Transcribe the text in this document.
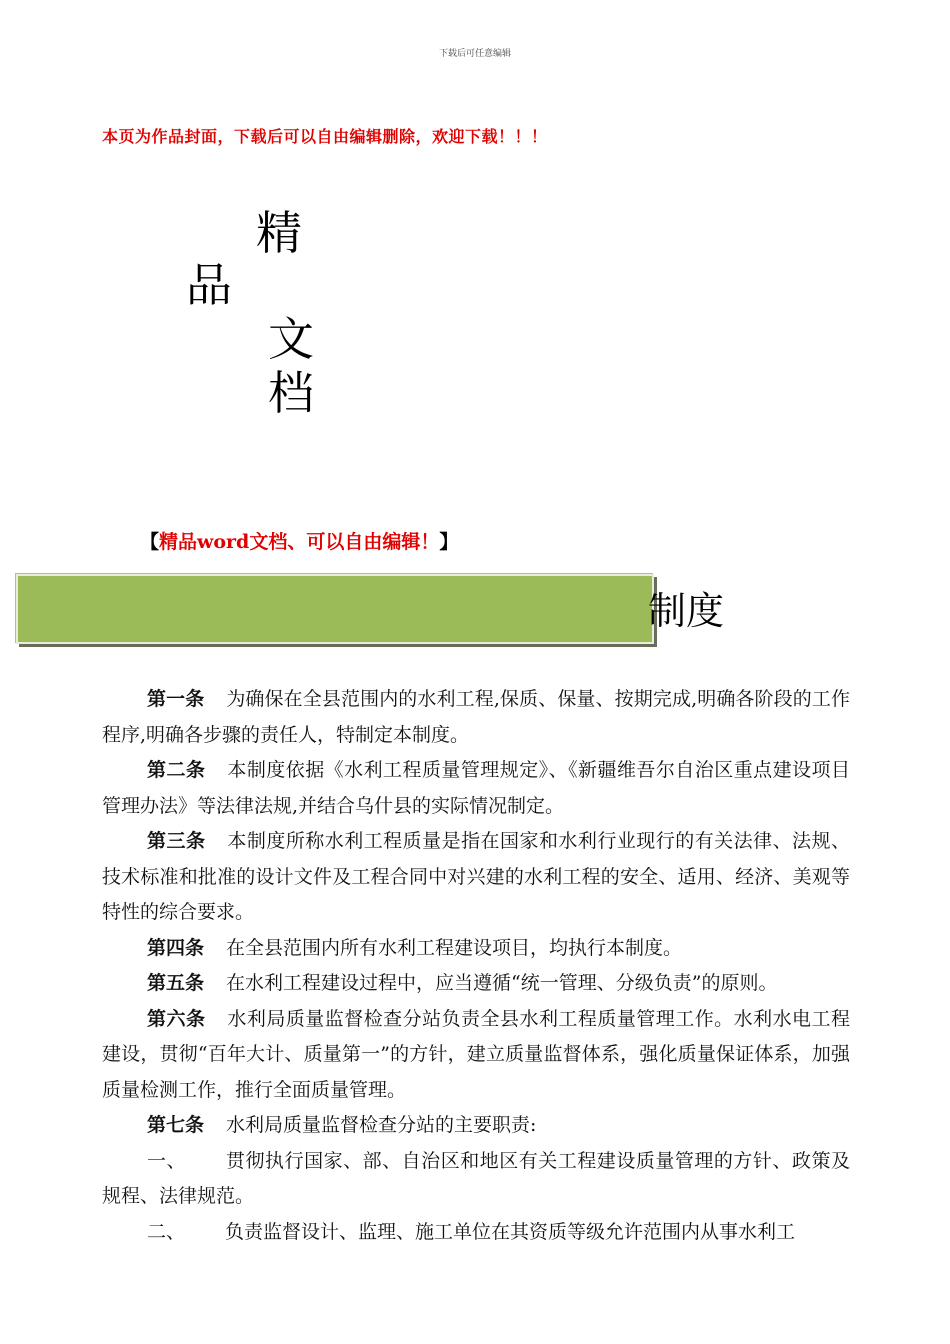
下载后可任意编辑
本页为作品封面，下载后可以自由编辑删除，欢迎下载！！！
精
品
文
档
【精品word文档、可以自由编辑！】
制度

第一条 为确保在全县范围内的水利工程,保质、保量、按期完成,明确各阶段的工作程序,明确各步骤的责任人，特制定本制度。

第二条 本制度依据《水利工程质量管理规定》、《新疆维吾尔自治区重点建设项目管理办法》等法律法规,并结合乌什县的实际情况制定。

第三条 本制度所称水利工程质量是指在国家和水利行业现行的有关法律、法规、技术标准和批准的设计文件及工程合同中对兴建的水利工程的安全、适用、经济、美观等特性的综合要求。

第四条 在全县范围内所有水利工程建设项目，均执行本制度。

第五条 在水利工程建设过程中，应当遵循“统一管理、分级负责”的原则。

第六条 水利局质量监督检查分站负责全县水利工程质量管理工作。水利水电工程建设，贯彻“百年大计、质量第一”的方针，建立质量监督体系，强化质量保证体系，加强质量检测工作，推行全面质量管理。

第七条 水利局质量监督检查分站的主要职责:

一、 贯彻执行国家、部、自治区和地区有关工程建设质量管理的方针、政策及规程、法律规范。

二、 负责监督设计、监理、施工单位在其资质等级允许范围内从事水利工
